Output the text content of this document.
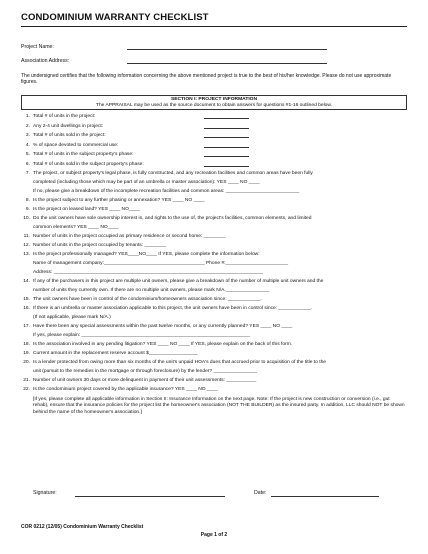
CONDOMINIUM WARRANTY CHECKLIST
Project Name:
Association Address:
The undersigned certifies that the following information concerning the above mentioned project is true to the best of his/her knowledge. Please do not use approximate figures.
SECTION I: PROJECT INFORMATION
The APPRAISAL may be used as the source document to obtain answers for questions #1-16 outlined below.
1. Total # of units in the project:
2. Any 2-4 unit dwellings in project:
3. Total # of units sold in the project:
4. % of space devoted to commercial use:
5. Total # of units in the subject property's phase:
6. Total # of units sold in the subject property's phase:
7. The project, or subject property's legal phase, is fully constructed, and any recreation facilities and common areas have been fully
completed (including those which may be part of an umbrella or master association): YES ____ NO ____
If no, please give a breakdown of the incomplete recreation facilities and common areas: ___________________________
8. Is the project subject to any further phasing or annexation? YES ____ NO ____
9. Is the project on leased land? YES ____ NO____
10. Do the unit owners have sole ownership interest in, and rights to the use of, the project's facilities, common elements, and limited
common elements? YES ____ NO____
11. Number of units in the project occupied as primary residence or second home: ________
12. Number of units in the project occupied by tenants: ________
13. Is the project professionally managed? YES____NO____ If YES, please complete the information below:
Name of management company:_____________________________________ Phone #:_______________________
Address: _____________________________________________________________________________
14. If any of the purchasers in this project are multiple unit owners, please give a breakdown of the number of multiple unit owners and the
number of units they currently own. If there are no multiple unit owners, please mark N/A.________________
15. The unit owners have been in control of the condominium/homeowners association since: ____________.
16. If there is an umbrella or master association applicable to this project, the unit owners have been in control since: ____________.
(If not applicable, please mark N/A.)
17. Have there been any special assessments within the past twelve months, or any currently planned? YES ____ NO ____
If yes, please explain: ______________________________________________________________
18. Is the association involved in any pending litigation? YES ____ NO ____ If YES, please explain on the back of this form.
19. Current amount in the replacement reserve account $__________________
20. Is a lender protected from owing more than six months of the unit's unpaid HOA's dues that accrued prior to acquisition of the title to the
unit (pursuit to the remedies in the mortgage or through foreclosure) by the lender? ________________
21. Number of unit owners 30 days or more delinquent in payment of their unit assessments: ___________
22. Is the condominium project covered by the applicable insurance? YES ____ NO ____
[If yes, please complete all applicable information in Section II: Insurance Information on the next page. Note: If the project is new construction or conversion (i.e., gut rehab), ensure that the insurance policies for the project list the homeowner's association (NOT THE BUILDER) as the insured party. In addition, LLC should NOT be shown behind the name of the homeowner's association.]
Signature:	Date:
COR 0212 (12/05) Condominium Warranty Checklist
Page 1 of 2
